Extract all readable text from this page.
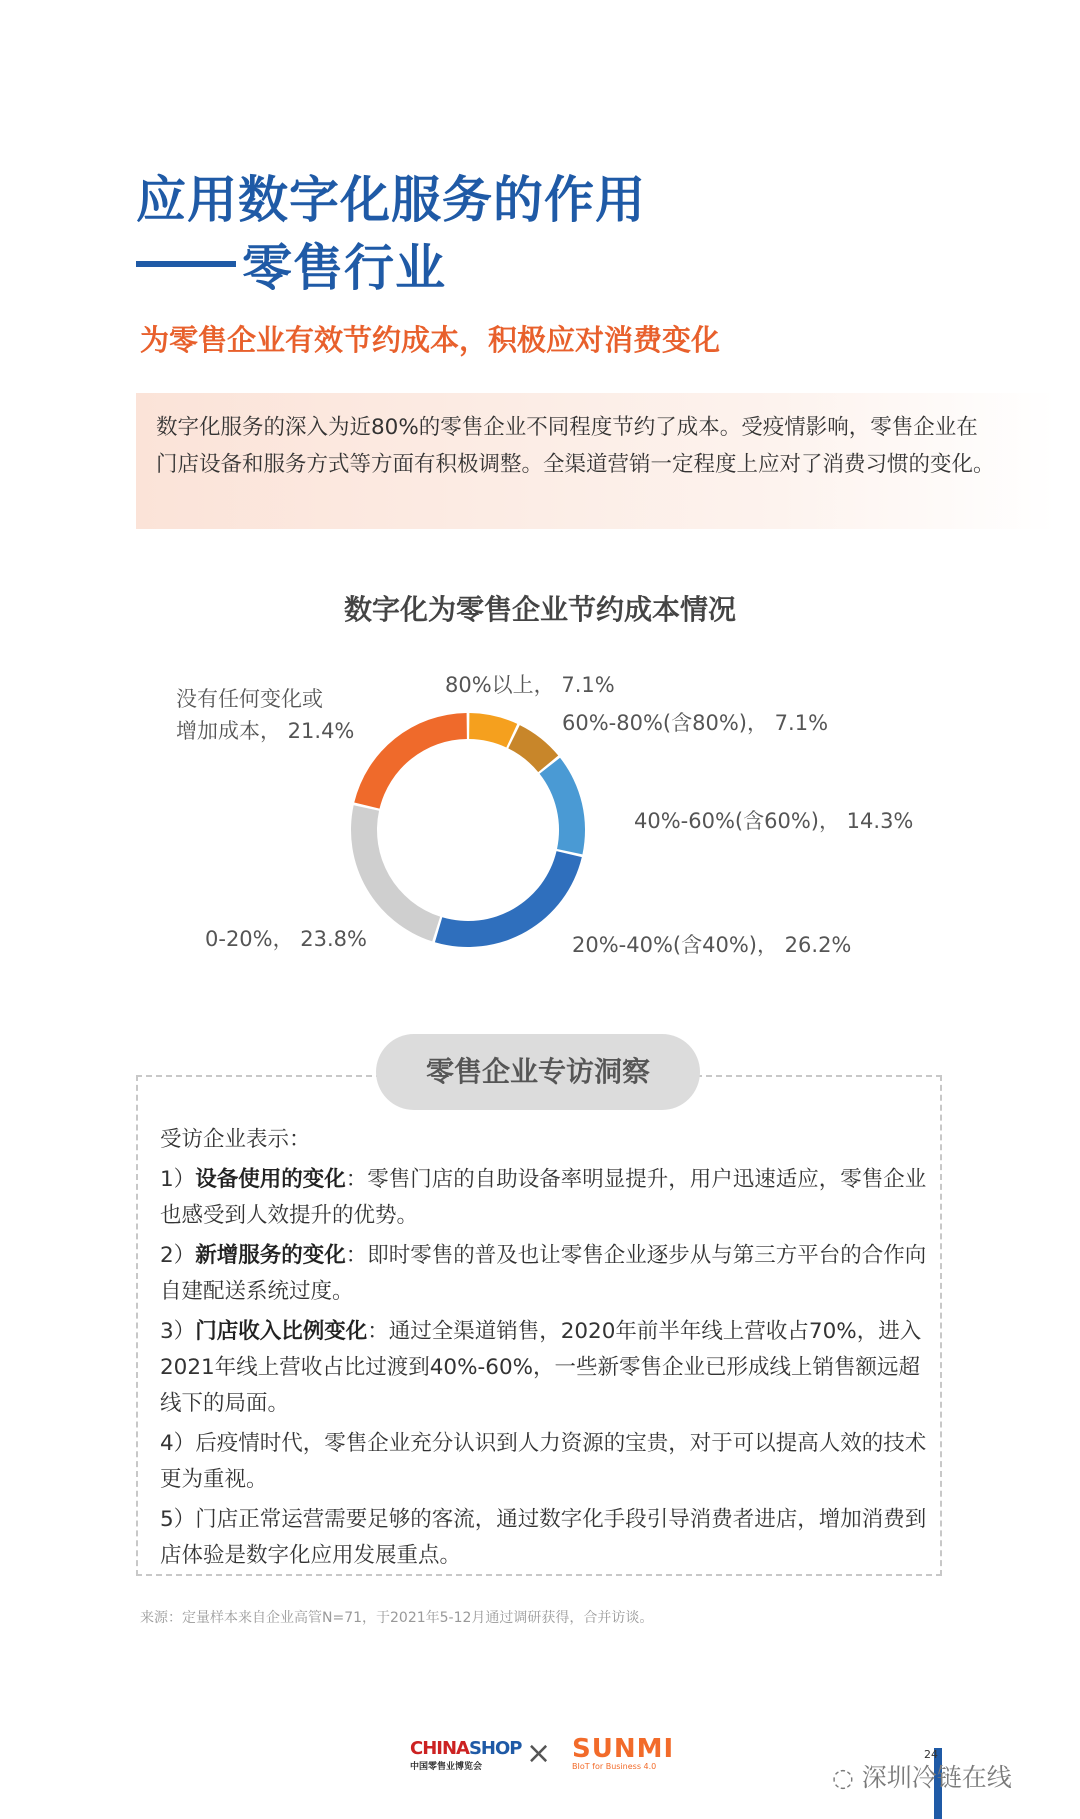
应用数字化服务的作用
零售行业
为零售企业有效节约成本，积极应对消费变化
数字化服务的深入为近80%的零售企业不同程度节约了成本。受疫情影响，零售企业在门店设备和服务方式等方面有积极调整。全渠道营销一定程度上应对了消费习惯的变化。
数字化为零售企业节约成本情况
80%以上， 7.1%
60%-80%(含80%)， 7.1%
40%-60%(含60%)， 14.3%
20%-40%(含40%)， 26.2%
0-20%， 23.8%
没有任何变化或
增加成本， 21.4%
零售企业专访洞察

受访企业表示：

1）设备使用的变化：零售门店的自助设备率明显提升，用户迅速适应，零售企业也感受到人效提升的优势。

2）新增服务的变化：即时零售的普及也让零售企业逐步从与第三方平台的合作向自建配送系统过度。

3）门店收入比例变化：通过全渠道销售，2020年前半年线上营收占70%，进入2021年线上营收占比过渡到40%-60%，一些新零售企业已形成线上销售额远超线下的局面。

4）后疫情时代，零售企业充分认识到人力资源的宝贵，对于可以提高人效的技术更为重视。

5）门店正常运营需要足够的客流，通过数字化手段引导消费者进店，增加消费到店体验是数字化应用发展重点。

来源：定量样本来自企业高管N=71，于2021年5-12月通过调研获得，合并访谈。
CHINASHOP
中国零售业博览会	× SUNMI
BIoT for Business 4.0
24
◌ 深圳冷链在线
